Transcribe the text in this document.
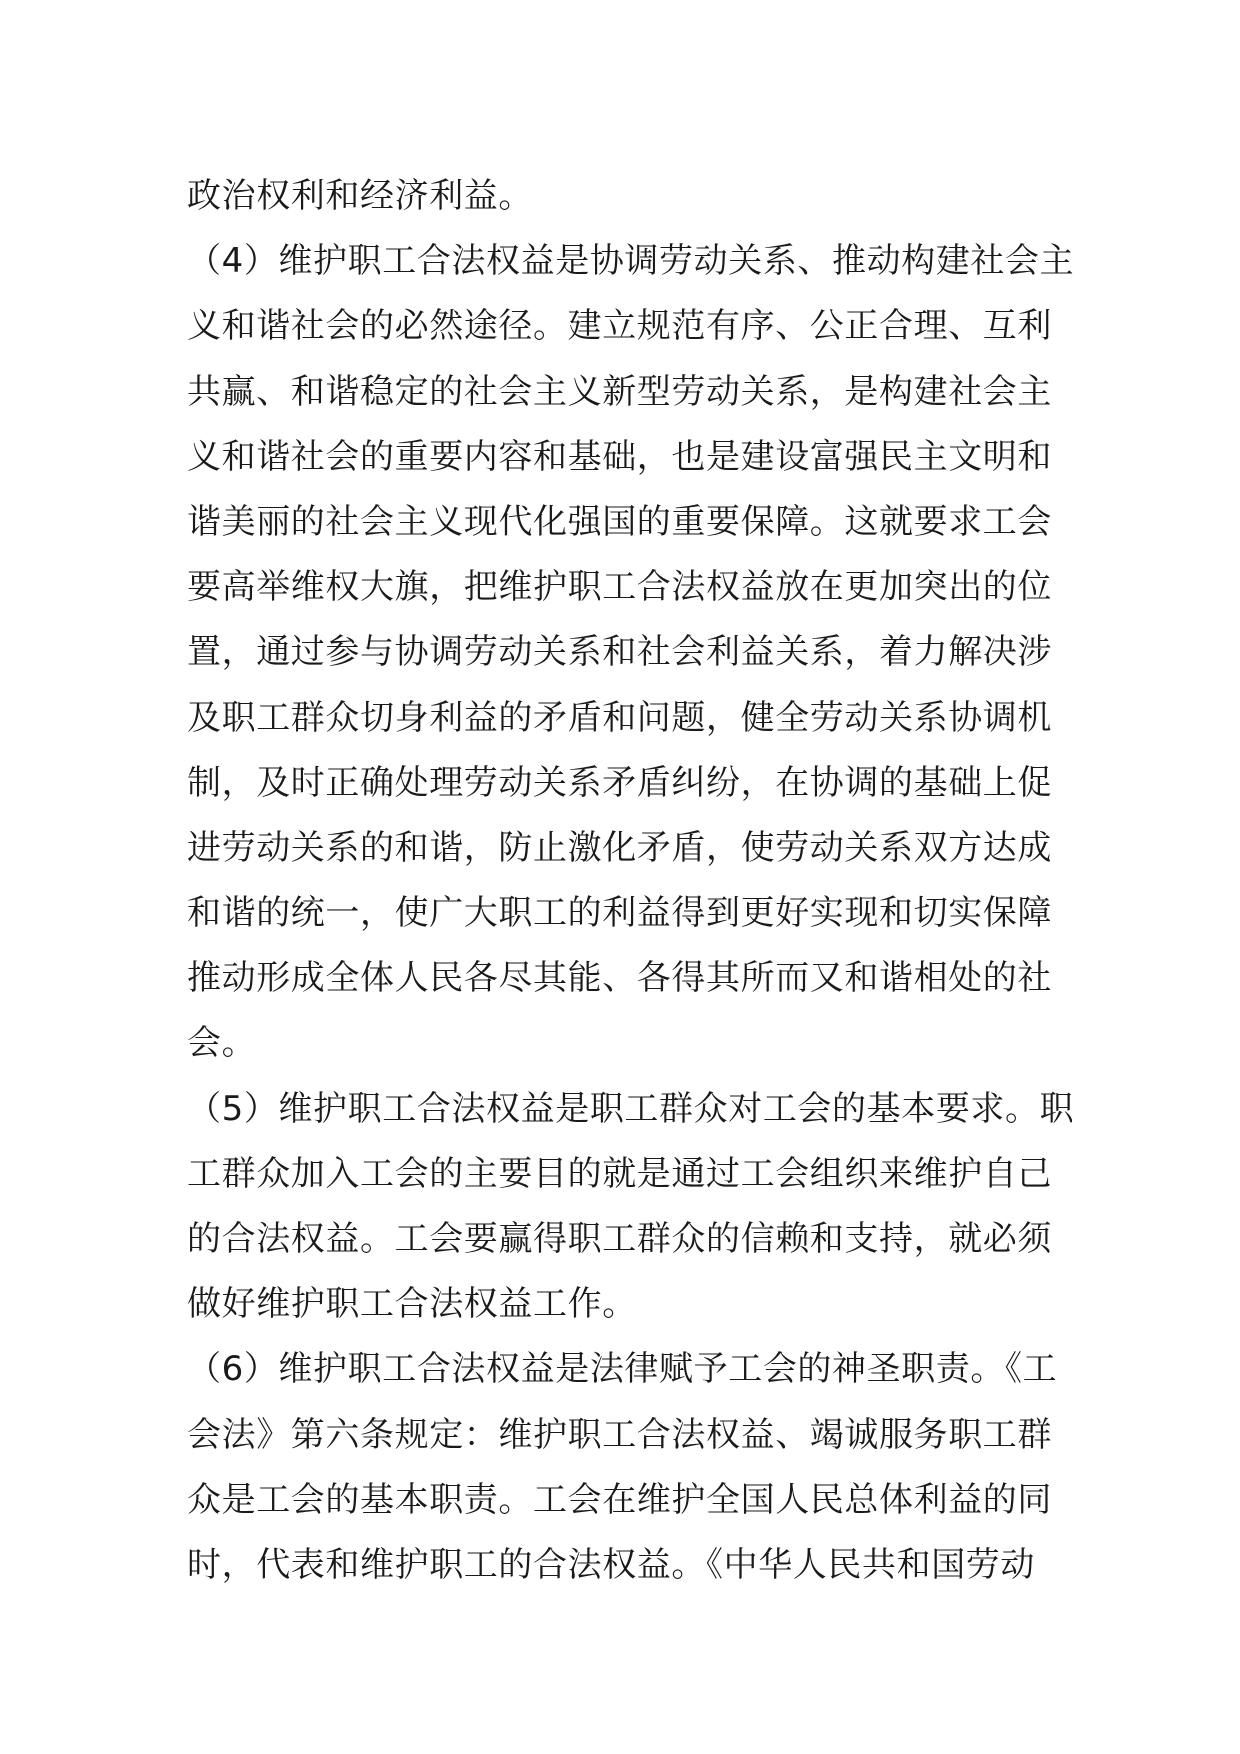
政治权利和经济利益。
（4）维护职工合法权益是协调劳动关系、推动构建社会主
义和谐社会的必然途径。建立规范有序、公正合理、互利
共赢、和谐稳定的社会主义新型劳动关系，是构建社会主
义和谐社会的重要内容和基础，也是建设富强民主文明和
谐美丽的社会主义现代化强国的重要保障。这就要求工会
要高举维权大旗，把维护职工合法权益放在更加突出的位
置，通过参与协调劳动关系和社会利益关系，着力解决涉
及职工群众切身利益的矛盾和问题，健全劳动关系协调机
制，及时正确处理劳动关系矛盾纠纷，在协调的基础上促
进劳动关系的和谐，防止激化矛盾，使劳动关系双方达成
和谐的统一，使广大职工的利益得到更好实现和切实保障
推动形成全体人民各尽其能、各得其所而又和谐相处的社
会。
（5）维护职工合法权益是职工群众对工会的基本要求。职
工群众加入工会的主要目的就是通过工会组织来维护自己
的合法权益。工会要赢得职工群众的信赖和支持，就必须
做好维护职工合法权益工作。
（6）维护职工合法权益是法律赋予工会的神圣职责。《工
会法》第六条规定：维护职工合法权益、竭诚服务职工群
众是工会的基本职责。工会在维护全国人民总体利益的同
时，代表和维护职工的合法权益。《中华人民共和国劳动
